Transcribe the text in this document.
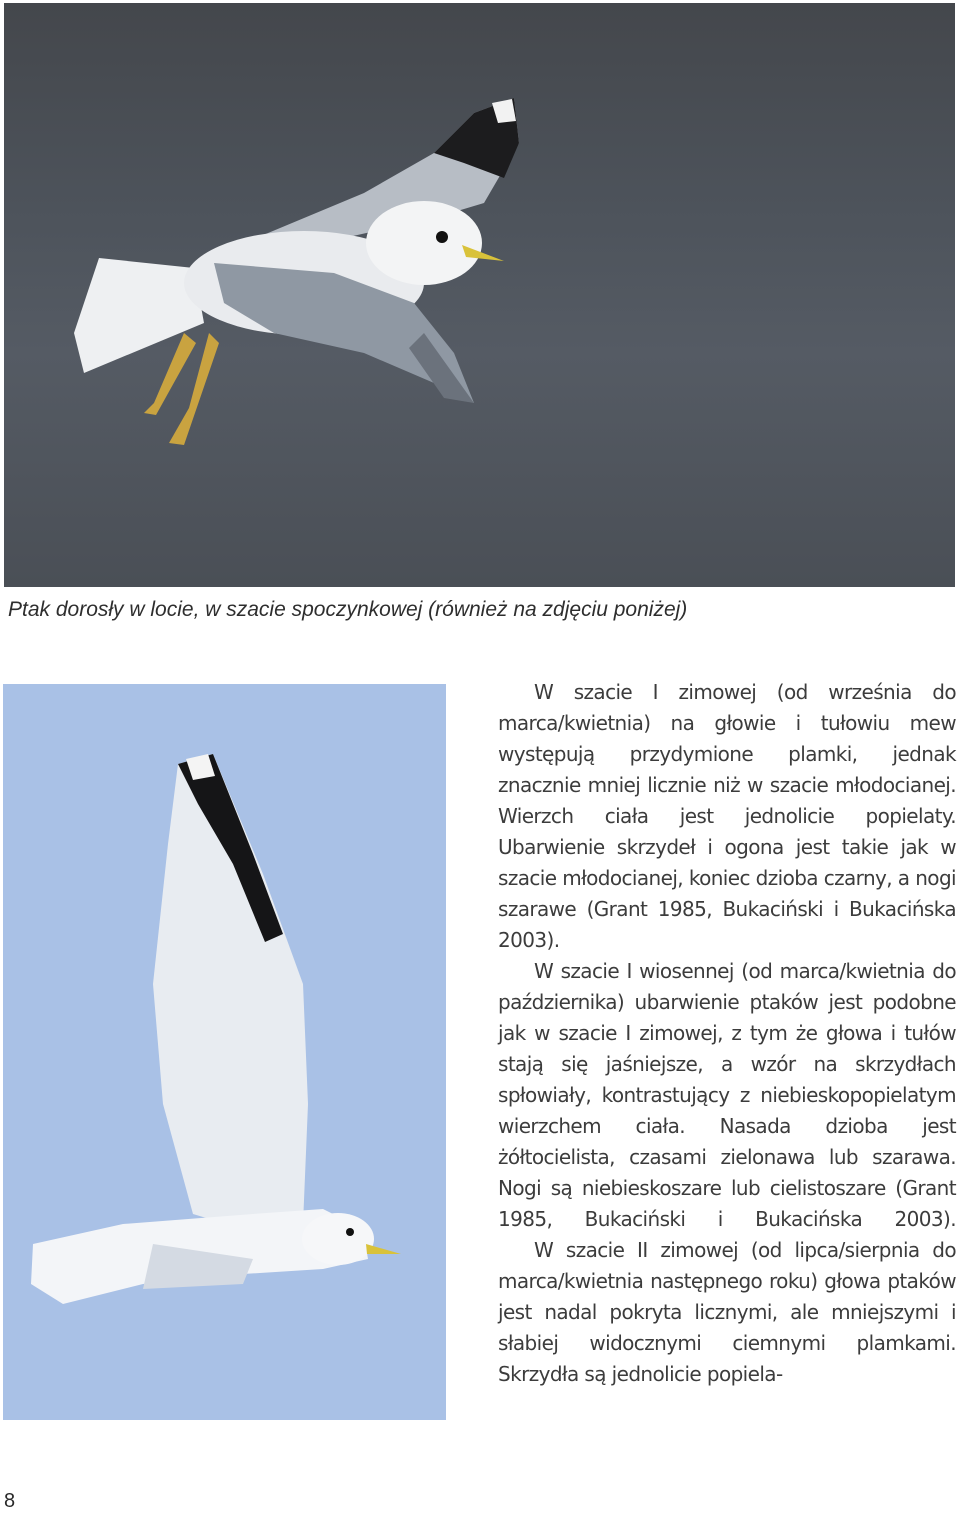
Ptak dorosły w locie, w szacie spoczynkowej (również na zdjęciu poniżej)

W szacie I zimowej (od września do marca/kwietnia) na głowie i tułowiu mew występują przydymione plamki, jednak znacznie mniej licznie niż w szacie młodocianej. Wierzch ciała jest jednolicie popielaty. Ubarwienie skrzydeł i ogona jest takie jak w szacie młodocianej, koniec dzioba czarny, a nogi szarawe (Grant 1985, Bukaciński i Bukacińska 2003).

W szacie I wiosennej (od marca/kwietnia do października) ubarwienie ptaków jest podobne jak w szacie I zimowej, z tym że głowa i tułów stają się jaśniejsze, a wzór na skrzydłach spłowiały, kontrastujący z niebieskopopielatym wierzchem ciała. Nasada dzioba jest żółtocielista, czasami zielonawa lub szarawa. Nogi są niebieskoszare lub cielistoszare (Grant 1985, Bukaciński i Bukacińska 2003).

W szacie II zimowej (od lipca/sierpnia do marca/kwietnia następnego roku) głowa ptaków jest nadal pokryta licznymi, ale mniejszymi i słabiej widocznymi ciemnymi plamkami. Skrzydła są jednolicie popiela-

8
